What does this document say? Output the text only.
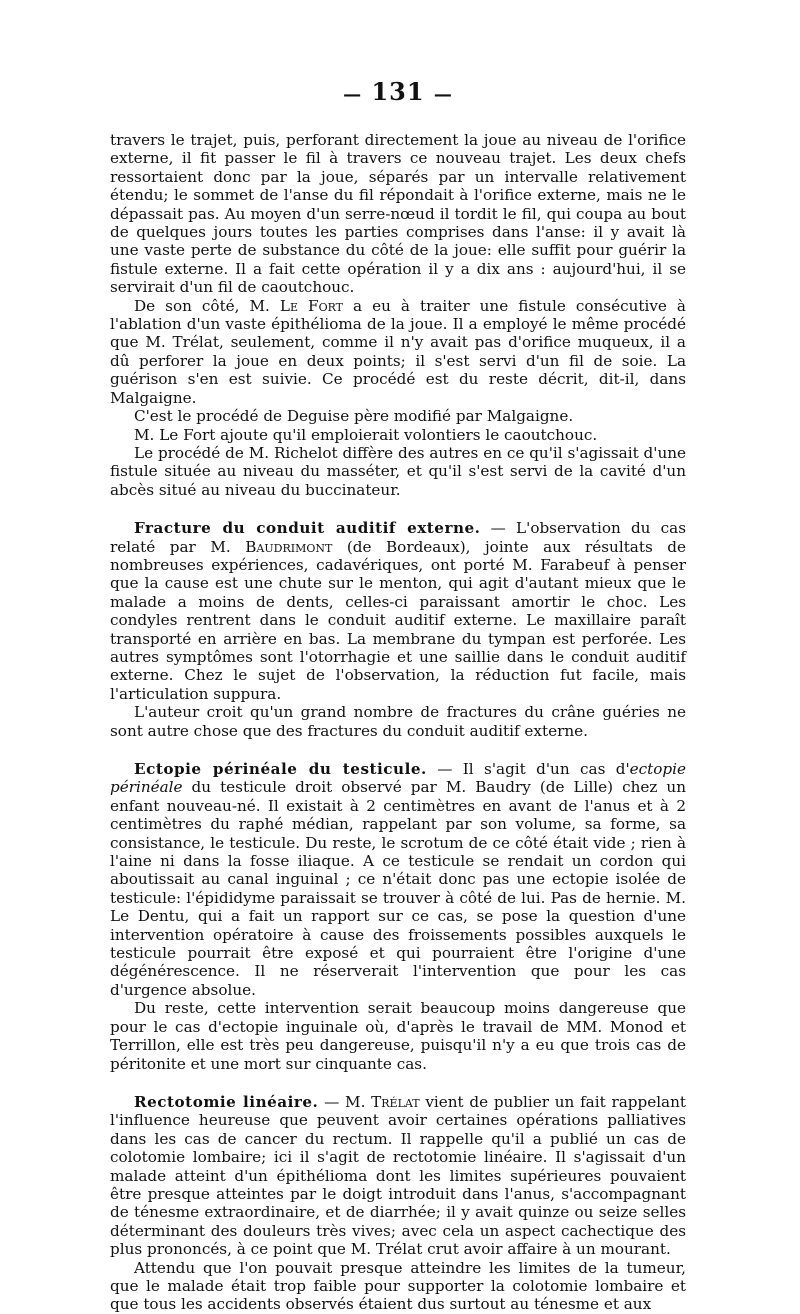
— 131 —

travers le trajet, puis, perforant directement la joue au niveau de l'orifice externe, il fit passer le fil à travers ce nouveau trajet. Les deux chefs ressortaient donc par la joue, séparés par un intervalle relativement étendu; le sommet de l'anse du fil répondait à l'orifice externe, mais ne le dépassait pas. Au moyen d'un serre-nœud il tordit le fil, qui coupa au bout de quelques jours toutes les parties comprises dans l'anse: il y avait là une vaste perte de substance du côté de la joue: elle suffit pour guérir la fistule externe. Il a fait cette opération il y a dix ans : aujourd'hui, il se servirait d'un fil de caoutchouc.

De son côté, M. Le Fort a eu à traiter une fistule consécutive à l'ablation d'un vaste épithélioma de la joue. Il a employé le même procédé que M. Trélat, seulement, comme il n'y avait pas d'orifice muqueux, il a dû perforer la joue en deux points; il s'est servi d'un fil de soie. La guérison s'en est suivie. Ce procédé est du reste décrit, dit-il, dans Malgaigne.

C'est le procédé de Deguise père modifié par Malgaigne.

M. Le Fort ajoute qu'il emploierait volontiers le caoutchouc.

Le procédé de M. Richelot diffère des autres en ce qu'il s'agissait d'une fistule située au niveau du masséter, et qu'il s'est servi de la cavité d'un abcès situé au niveau du buccinateur.

Fracture du conduit auditif externe. — L'observation du cas relaté par M. Baudrimont (de Bordeaux), jointe aux résultats de nombreuses expériences, cadavériques, ont porté M. Farabeuf à penser que la cause est une chute sur le menton, qui agit d'autant mieux que le malade a moins de dents, celles-ci paraissant amortir le choc. Les condyles rentrent dans le conduit auditif externe. Le maxillaire paraît transporté en arrière en bas. La membrane du tympan est perforée. Les autres symptômes sont l'otorrhagie et une saillie dans le conduit auditif externe. Chez le sujet de l'observation, la réduction fut facile, mais l'articulation suppura.

L'auteur croit qu'un grand nombre de fractures du crâne guéries ne sont autre chose que des fractures du conduit auditif externe.

Ectopie périnéale du testicule. — Il s'agit d'un cas d'ectopie périnéale du testicule droit observé par M. Baudry (de Lille) chez un enfant nouveau-né. Il existait à 2 centimètres en avant de l'anus et à 2 centimètres du raphé médian, rappelant par son volume, sa forme, sa consistance, le testicule. Du reste, le scrotum de ce côté était vide ; rien à l'aine ni dans la fosse iliaque. A ce testicule se rendait un cordon qui aboutissait au canal inguinal ; ce n'était donc pas une ectopie isolée de testicule: l'épididyme paraissait se trouver à côté de lui. Pas de hernie. M. Le Dentu, qui a fait un rapport sur ce cas, se pose la question d'une intervention opératoire à cause des froissements possibles auxquels le testicule pourrait être exposé et qui pourraient être l'origine d'une dégénérescence. Il ne réserverait l'intervention que pour les cas d'urgence absolue.

Du reste, cette intervention serait beaucoup moins dangereuse que pour le cas d'ectopie inguinale où, d'après le travail de MM. Monod et Terrillon, elle est très peu dangereuse, puisqu'il n'y a eu que trois cas de péritonite et une mort sur cinquante cas.

Rectotomie linéaire. — M. Trélat vient de publier un fait rappelant l'influence heureuse que peuvent avoir certaines opérations palliatives dans les cas de cancer du rectum. Il rappelle qu'il a publié un cas de colotomie lombaire; ici il s'agit de rectotomie linéaire. Il s'agissait d'un malade atteint d'un épithélioma dont les limites supérieures pouvaient être presque atteintes par le doigt introduit dans l'anus, s'accompagnant de ténesme extraordinaire, et de diarrhée; il y avait quinze ou seize selles déterminant des douleurs très vives; avec cela un aspect cachectique des plus prononcés, à ce point que M. Trélat crut avoir affaire à un mourant.

Attendu que l'on pouvait presque atteindre les limites de la tumeur, que le malade était trop faible pour supporter la colotomie lombaire et que tous les accidents observés étaient dus surtout au ténesme et aux
